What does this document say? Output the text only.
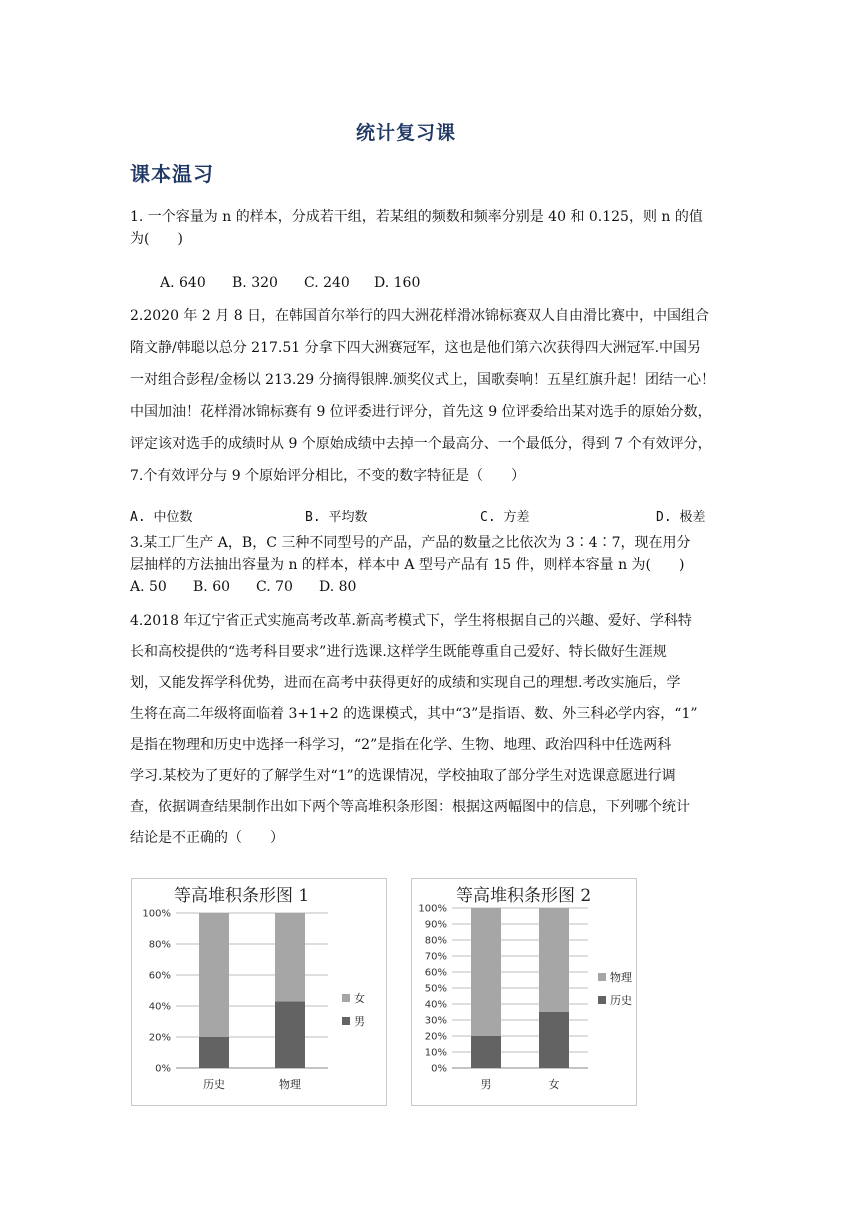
统计复习课
课本温习
1. 一个容量为 n 的样本，分成若干组，若某组的频数和频率分别是 40 和 0.125，则 n 的值
为(　　)
A. 640 B. 320 C. 240 D. 160
2.2020 年 2 月 8 日，在韩国首尔举行的四大洲花样滑冰锦标赛双人自由滑比赛中，中国组合
隋文静/韩聪以总分 217.51 分拿下四大洲赛冠军，这也是他们第六次获得四大洲冠军.中国另
一对组合彭程/金杨以 213.29 分摘得银牌.颁奖仪式上，国歌奏响！五星红旗升起！团结一心！
中国加油！花样滑冰锦标赛有 9 位评委进行评分，首先这 9 位评委给出某对选手的原始分数，
评定该对选手的成绩时从 9 个原始成绩中去掉一个最高分、一个最低分，得到 7 个有效评分，
7.个有效评分与 9 个原始评分相比，不变的数字特征是（　　）
A. 中位数	B. 平均数	C. 方差	D. 极差
3.某工厂生产 A，B，C 三种不同型号的产品，产品的数量之比依次为 3∶4∶7，现在用分
层抽样的方法抽出容量为 n 的样本，样本中 A 型号产品有 15 件，则样本容量 n 为(　　)
A. 50 B. 60 C. 70 D. 80
4.2018 年辽宁省正式实施高考改革.新高考模式下，学生将根据自己的兴趣、爱好、学科特
长和高校提供的“选考科目要求”进行选课.这样学生既能尊重自己爱好、特长做好生涯规
划，又能发挥学科优势，进而在高考中获得更好的成绩和实现自己的理想.考改实施后，学
生将在高二年级将面临着 3+1+2 的选课模式，其中“3”是指语、数、外三科必学内容，“1”
是指在物理和历史中选择一科学习，“2”是指在化学、生物、地理、政治四科中任选两科
学习.某校为了更好的了解学生对“1”的选课情况，学校抽取了部分学生对选课意愿进行调
查，依据调查结果制作出如下两个等高堆积条形图：根据这两幅图中的信息，下列哪个统计
结论是不正确的（　　）
等高堆积条形图 1
0%
20%
40%
60%
80%
100%
历史	物理
女
男
等高堆积条形图 2
0%
10%
20%
30%
40%
50%
60%
70%
80%
90%
100%
男	女
物理
历史
